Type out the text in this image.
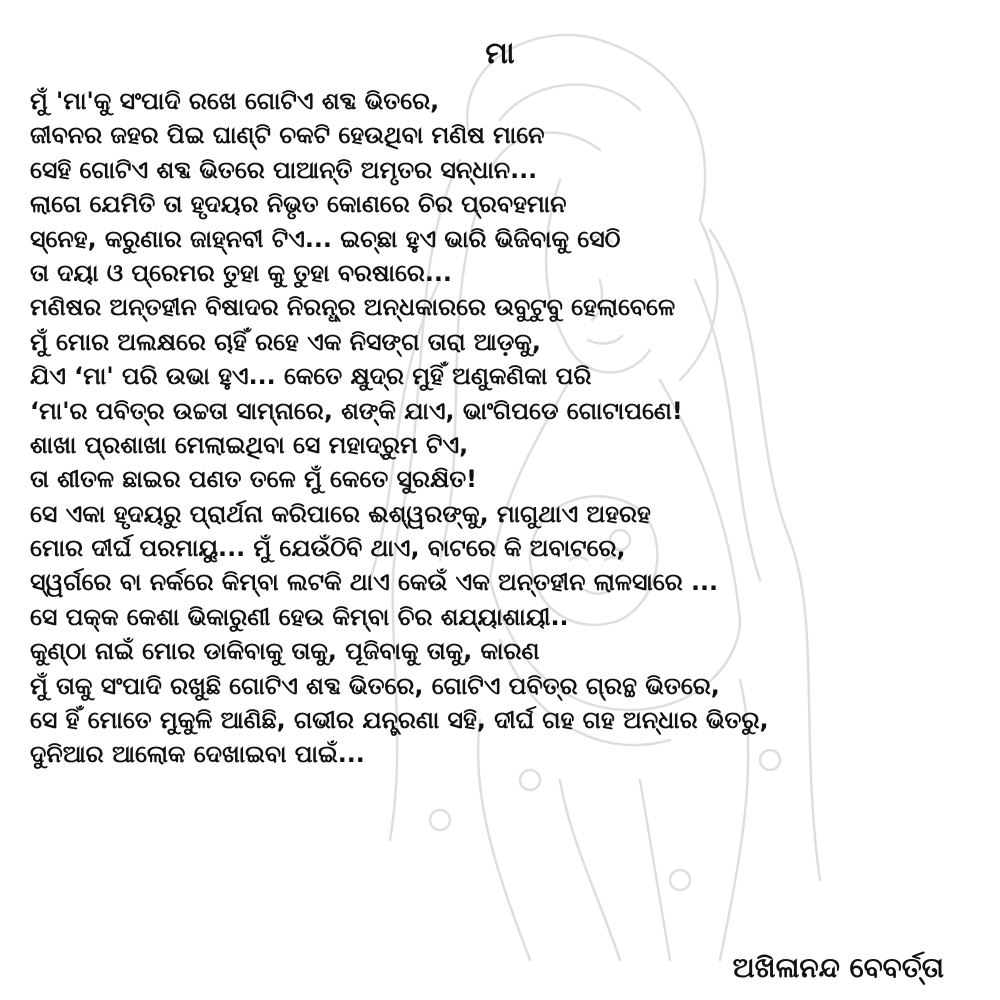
ମା
ମୁଁ 'ମା'କୁ ସଂପାଦି ରଖେ ଗୋଟିଏ ଶବ୍ଦ ଭିତରେ,
ଜୀବନର ଜହର ପିଇ ଘାଣ୍ଟି ଚକଟି ହେଉଥିବା ମଣିଷ ମାନେ
ସେହି ଗୋଟିଏ ଶବ୍ଦ ଭିତରେ ପାଆନ୍ତି ଅମୃତର ସନ୍ଧାନ...
ଲାଗେ ଯେମିତି ତା ହୃଦୟର ନିଭୃତ କୋଣରେ ଚିର ପ୍ରବହମାନ
ସ୍ନେହ, କରୁଣାର ଜାହ୍ନବୀ ଟିଏ... ଇଚ୍ଛା ହୁଏ ଭାରି ଭିଜିବାକୁ ସେଠି
ତା ଦୟା ଓ ପ୍ରେମର ତୁହା କୁ ତୁହା ବରଷାରେ...
ମଣିଷର ଅନ୍ତହୀନ ବିଷାଦର ନିରନ୍ଧ୍ର ଅନ୍ଧକାରରେ ଉବୁଟୁବୁ ହେଲାବେଳେ
ମୁଁ ମୋର ଅଲକ୍ଷରେ ଚାହିଁ ରହେ ଏକ ନିସଙ୍ଗ ତାରା ଆଡ଼କୁ,
ଯିଏ ‘ମା' ପରି ଉଭା ହୁଏ... କେତେ କ୍ଷୁଦ୍ର ମୁହିଁ ଅଣୁକଣିକା ପରି
‘ମା'ର ପବିତ୍ର ଉଚ୍ଚତା ସାମ୍ନାରେ, ଶଙ୍କି ଯାଏ, ଭାଂଗିପଡେ ଗୋଟାପଣେ!
ଶାଖା ପ୍ରଶାଖା ମେଲାଇଥିବା ସେ ମହାଦ୍ରୁମ ଟିଏ,
ତା ଶୀତଳ ଛାଇର ପଣତ ତଳେ ମୁଁ କେତେ ସୁରକ୍ଷିତ!
ସେ ଏକା ହୃଦୟରୁ ପ୍ରାର୍ଥନା କରିପାରେ ଈଶ୍ୱରଙ୍କୁ, ମାଗୁଥାଏ ଅହରହ
ମୋର ଦୀର୍ଘ ପରମାୟୁ... ମୁଁ ଯେଉଁଠିବି ଥାଏ, ବାଟରେ କି ଅବାଟରେ,
ସ୍ୱର୍ଗରେ ବା ନର୍କରେ କିମ୍ବା ଲଟକି ଥାଏ କେଉଁ ଏକ ଅନ୍ତହୀନ ଲାଳସାରେ ...
ସେ ପକ୍କ କେଶା ଭିକାରୁଣୀ ହେଉ କିମ୍ବା ଚିର ଶଯ୍ୟାଶାୟୀ..
କୁଣ୍ଠା ନାଇଁ ମୋର ଡାକିବାକୁ ତାକୁ, ପୂଜିବାକୁ ତାକୁ, କାରଣ
ମୁଁ ତାକୁ ସଂପାଦି ରଖୁଛି ଗୋଟିଏ ଶବ୍ଦ ଭିତରେ, ଗୋଟିଏ ପବିତ୍ର ଗ୍ରନ୍ଥ ଭିତରେ,
ସେ ହିଁ ମୋତେ ମୁକୁଳି ଆଣିଛି, ଗଭୀର ଯନ୍ତ୍ରଣା ସହି, ଦୀର୍ଘ ଗହ ଗହ ଅନ୍ଧାର ଭିତରୁ,
ଦୁନିଆର ଆଲୋକ ଦେଖାଇବା ପାଇଁ...
ଅଖିଳାନନ୍ଦ ବେବର୍ତ୍ତା
